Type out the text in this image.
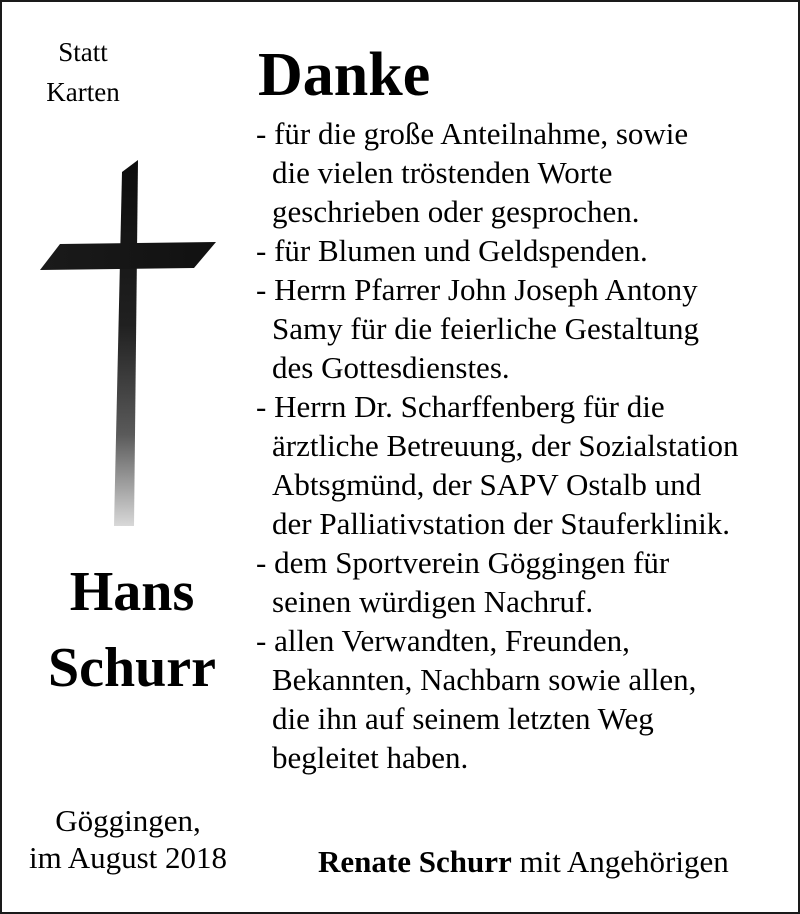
Statt
Karten
Hans
Schurr
Göggingen,
im August 2018
Danke
- für die große Anteilnahme, sowie
die vielen tröstenden Worte
geschrieben oder gesprochen.
- für Blumen und Geldspenden.
- Herrn Pfarrer John Joseph Antony
Samy für die feierliche Gestaltung
des Gottesdienstes.
- Herrn Dr. Scharffenberg für die
ärztliche Betreuung, der Sozialstation
Abtsgmünd, der SAPV Ostalb und
der Palliativstation der Stauferklinik.
- dem Sportverein Göggingen für
seinen würdigen Nachruf.
- allen Verwandten, Freunden,
Bekannten, Nachbarn sowie allen,
die ihn auf seinem letzten Weg
begleitet haben.
Renate Schurr mit Angehörigen
